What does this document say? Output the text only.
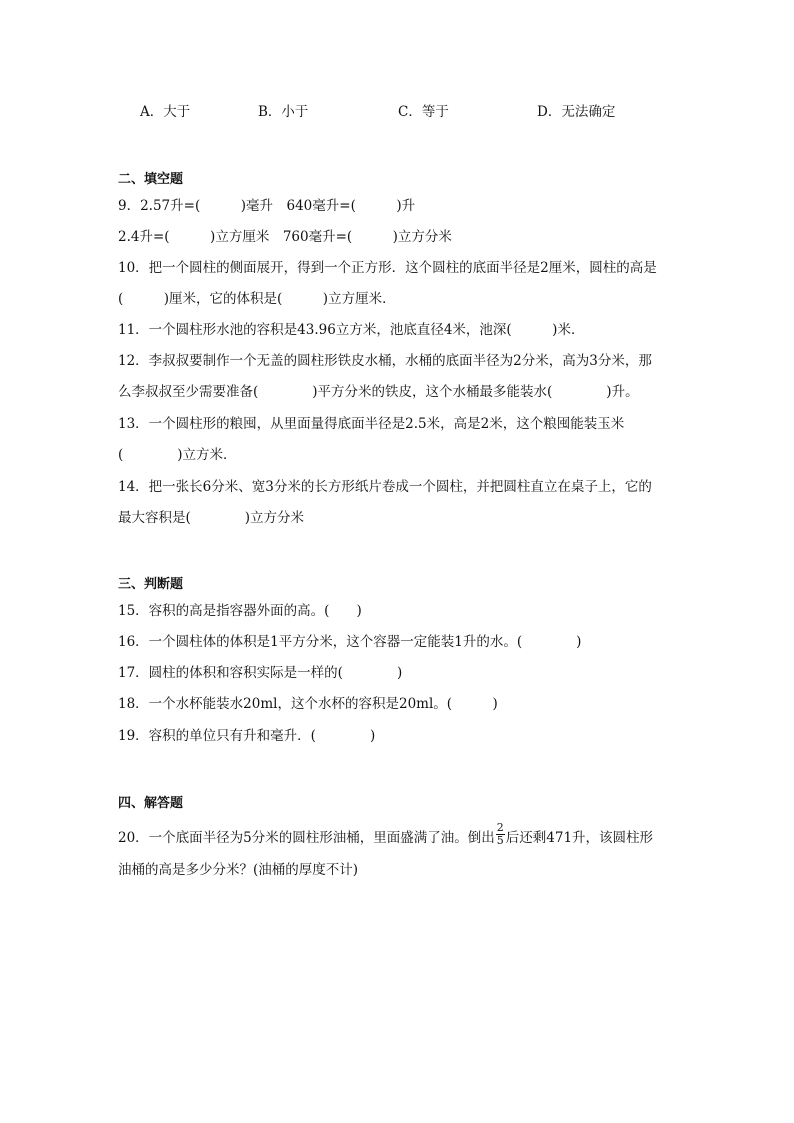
A．大于	B．小于	C．等于	D．无法确定
二、填空题
9．2.57升=(　　　)毫升　640毫升=(　　　)升
2.4升=(　　　)立方厘米　760毫升=(　　　)立方分米
10．把一个圆柱的侧面展开，得到一个正方形．这个圆柱的底面半径是2厘米，圆柱的高是
(　　　)厘米，它的体积是(　　　)立方厘米．
11．一个圆柱形水池的容积是43.96立方米，池底直径4米，池深(　　　)米．
12．李叔叔要制作一个无盖的圆柱形铁皮水桶，水桶的底面半径为2分米，高为3分米，那
么李叔叔至少需要准备(　　　　)平方分米的铁皮，这个水桶最多能装水(　　　　)升。
13．一个圆柱形的粮囤，从里面量得底面半径是2.5米，高是2米，这个粮囤能装玉米
(　　　　)立方米．
14．把一张长6分米、宽3分米的长方形纸片卷成一个圆柱，并把圆柱直立在桌子上，它的
最大容积是(　　　　)立方分米
三、判断题
15．容积的高是指容器外面的高。(　　)
16．一个圆柱体的体积是1平方分米，这个容器一定能装1升的水。(　　　　)
17．圆柱的体积和容积实际是一样的(　　　　)
18．一个水杯能装水20ml，这个水杯的容积是20ml。(　　　)
19．容积的单位只有升和毫升．(　　　　)
四、解答题
20．一个底面半径为5分米的圆柱形油桶，里面盛满了油。倒出 $\frac{2}{5}$ 后还剩471升，该圆柱形
油桶的高是多少分米？(油桶的厚度不计)
